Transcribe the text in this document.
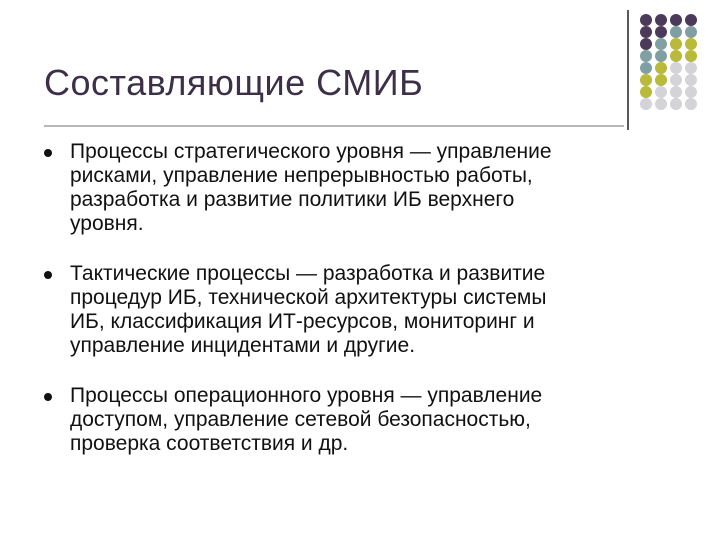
Составляющие СМИБ
Процессы стратегического уровня — управление
рисками, управление непрерывностью работы,
разработка и развитие политики ИБ верхнего
уровня.
Тактические процессы — разработка и развитие
процедур ИБ, технической архитектуры системы
ИБ, классификация ИТ-ресурсов, мониторинг и
управление инцидентами и другие.
Процессы операционного уровня — управление
доступом, управление сетевой безопасностью,
проверка соответствия и др.
